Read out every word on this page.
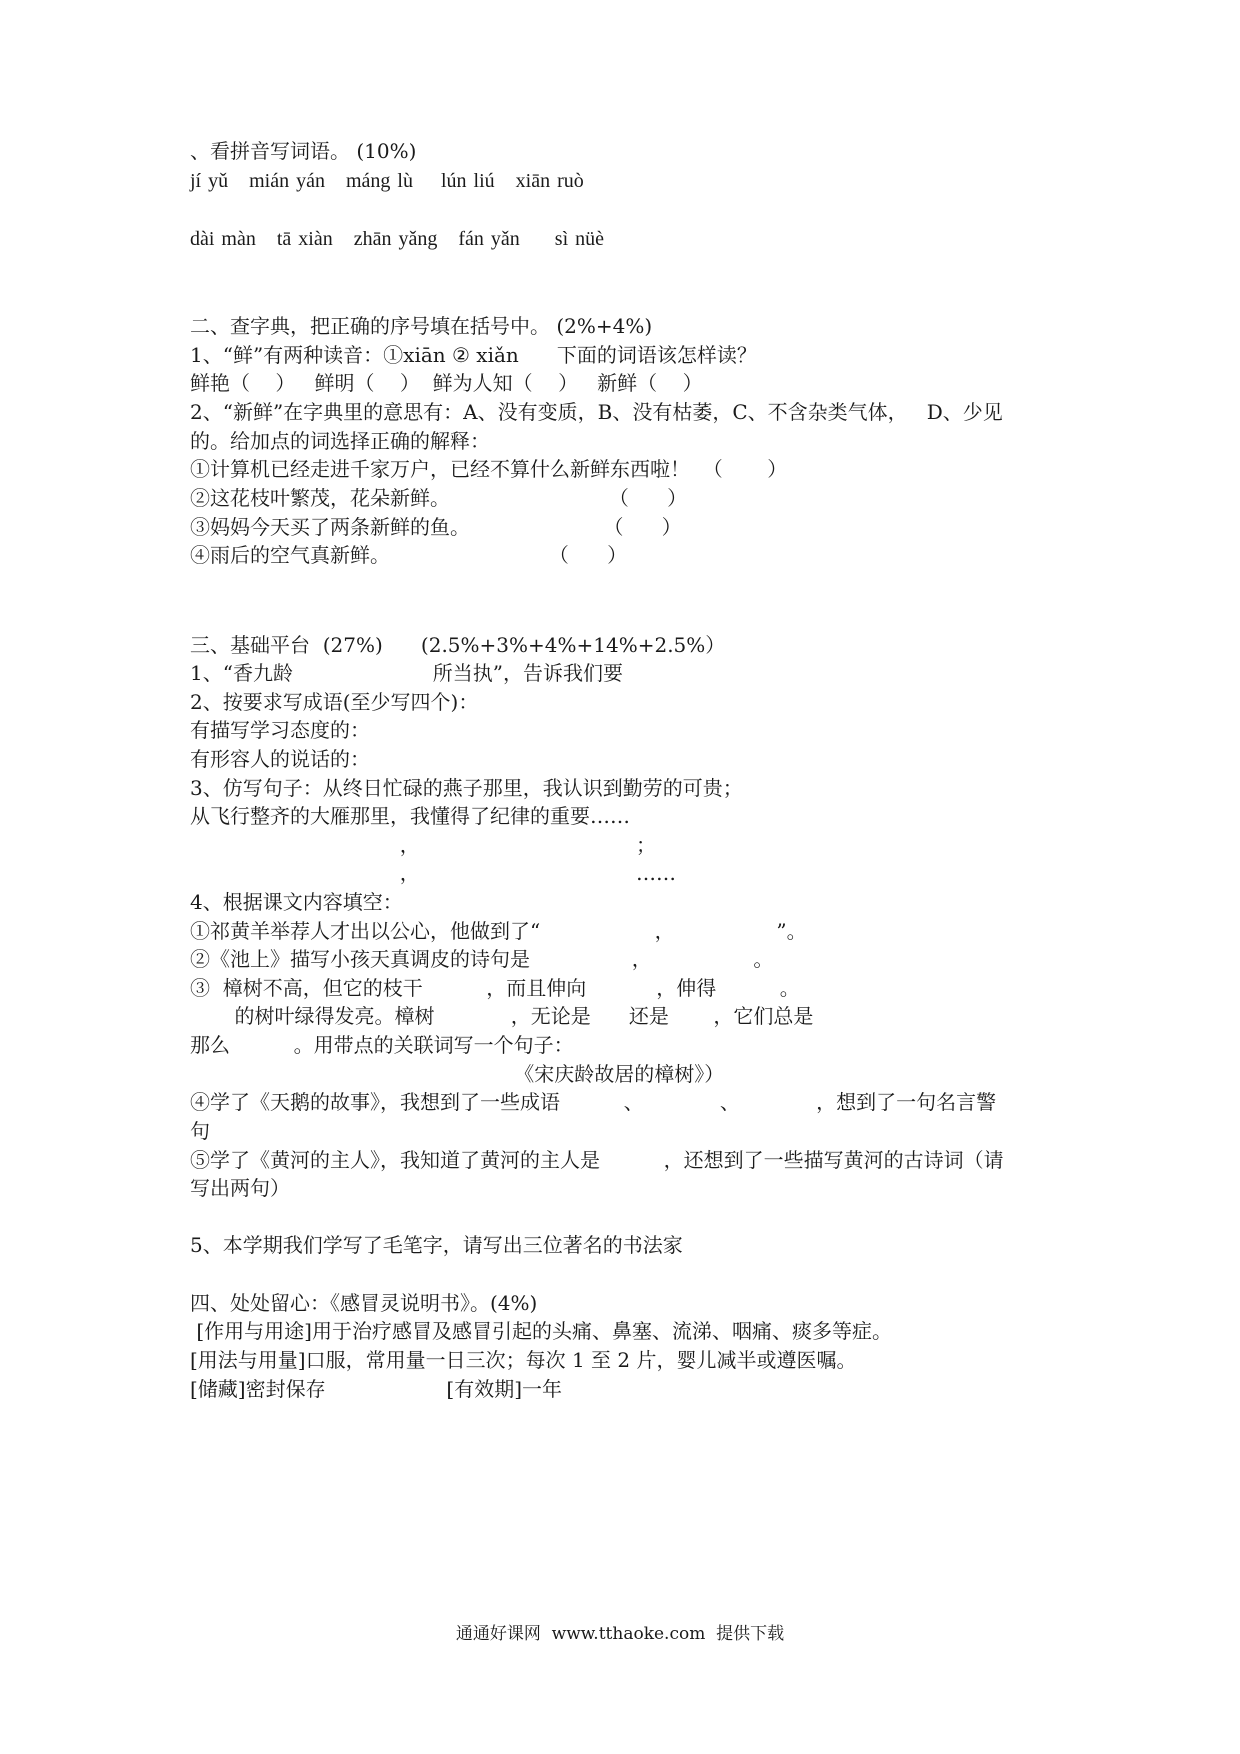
、看拼音写词语。 (10%)
jí yǔ   mián yán   máng lù    lún liú   xiān ruò
dài màn   tā xiàn   zhān yǎng   fán yǎn     sì nüè
二、查字典，把正确的序号填在括号中。 (2%+4%)
1、“鲜”有两种读音：①xiān ② xiǎn      下面的词语该怎样读？
鲜艳（    ）   鲜明（    ）  鲜为人知（    ）   新鲜（    ）
2、“新鲜”在字典里的意思有：A、没有变质，B、没有枯萎，C、不含杂类气体，   D、少见
的。给加点的词选择正确的解释：
①计算机已经走进千家万户，已经不算什么新鲜东西啦！  （       ）
②这花枝叶繁茂，花朵新鲜。                         （      ）
③妈妈今天买了两条新鲜的鱼。                     （      ）
④雨后的空气真新鲜。                         （      ）
三、基础平台  (27%)      (2.5%+3%+4%+14%+2.5%）
1、“香九龄                      所当执”，告诉我们要
2、按要求写成语(至少写四个)：
有描写学习态度的：
有形容人的说话的：
3、仿写句子：从终日忙碌的燕子那里，我认识到勤劳的可贵；
从飞行整齐的大雁那里，我懂得了纪律的重要……
，                                  ；
，                                  ……
4、根据课文内容填空：
①祁黄羊举荐人才出以公心，他做到了“                  ，                ”。
②《池上》描写小孩天真调皮的诗句是                ，                。
③  樟树不高，但它的枝干          ，而且伸向           ，伸得          。
的树叶绿得发亮。樟树            ，无论是      还是       ，它们总是
那么          。用带点的关联词写一个句子：
《宋庆龄故居的樟树》）
④学了《天鹅的故事》，我想到了一些成语          、            、            ，想到了一句名言警
句
⑤学了《黄河的主人》，我知道了黄河的主人是          ，还想到了一些描写黄河的古诗词（请
写出两句）
5、本学期我们学写了毛笔字，请写出三位著名的书法家
四、处处留心：《感冒灵说明书》。(4%)
[作用与用途]用于治疗感冒及感冒引起的头痛、鼻塞、流涕、咽痛、痰多等症。
[用法与用量]口服，常用量一日三次；每次 1 至 2 片，婴儿减半或遵医嘱。
[储藏]密封保存                   [有效期]一年
通通好课网  www.tthaoke.com  提供下载
